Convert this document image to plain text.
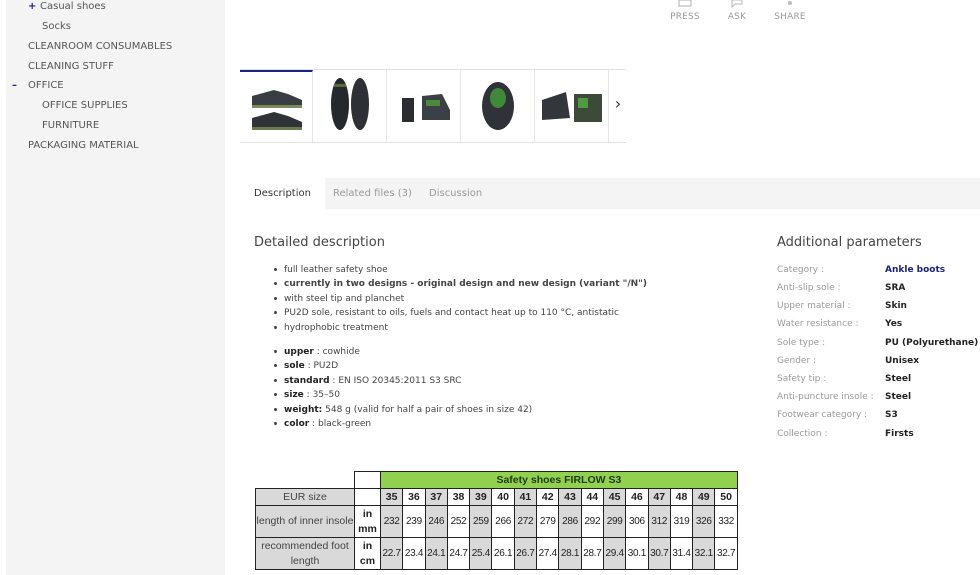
+ Casual shoes
Socks
CLEANROOM CONSUMABLES
CLEANING STUFF
– OFFICE
OFFICE SUPPLIES
FURNITURE
PACKAGING MATERIAL
PRESS	ASK	SHARE
›
Description	Related files (3)	Discussion
Detailed description
full leather safety shoe
currently in two designs - original design and new design (variant "/N")
with steel tip and planchet
PU2D sole, resistant to oils, fuels and contact heat up to 110 °C, antistatic
hydrophobic treatment
upper : cowhide
sole : PU2D
standard : EN ISO 20345:2011 S3 SRC
size : 35–50
weight: 548 g (valid for half a pair of shoes in size 42)
color : black-green
Additional parameters
Category :	Ankle boots
Anti-slip sole :	SRA
Upper material :	Skin
Water resistance :	Yes
Sole type :	PU (Polyurethane)
Gender :	Unisex
Safety tip :	Steel
Anti-puncture insole : Steel
Footwear category : S3
Collection :	Firsts
		Safety shoes FIRLOW S3															
EUR size		35	36	37	38	39	40	41	42	43	44	45	46	47	48	49	50
length of inner insole	in mm	232	239	246	252	259	266	272	279	286	292	299	306	312	319	326	332
recommended foot length	in cm	22.7	23.4	24.1	24.7	25.4	26.1	26.7	27.4	28.1	28.7	29.4	30.1	30.7	31.4	32.1	32.7
